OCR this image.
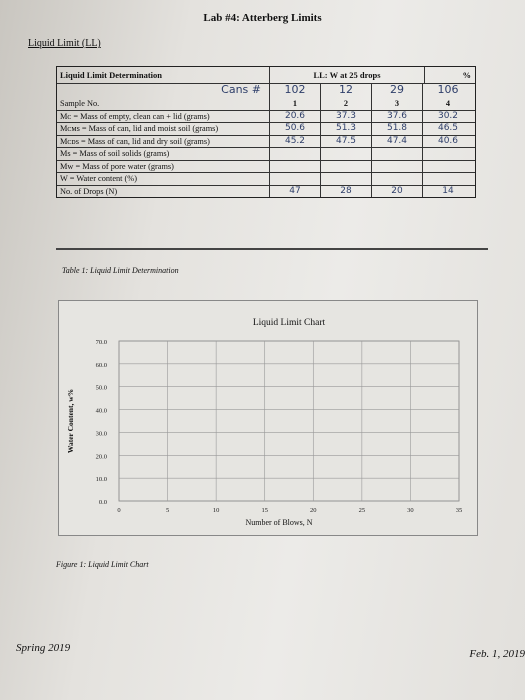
Lab #4: Atterberg Limits
Liquid Limit (LL)
Liquid Limit Determination	LL: W at 25 drops	%
Cans #	102	12	29	106
Sample No.	1	2	3	4
Mᴄ = Mass of empty, clean can + lid (grams)	20.6	37.3	37.6	30.2
Mᴄᴍѕ = Mass of can, lid and moist soil (grams)	50.6	51.3	51.8	46.5
Mᴄᴅѕ = Mass of can, lid and dry soil (grams)	45.2	47.5	47.4	40.6
Mѕ = Mass of soil solids (grams)
Mᴡ = Mass of pore water (grams)
W = Water content (%)
No. of Drops (N)	47	28	20	14
Table 1: Liquid Limit Determination
0.0
10.0
20.0
30.0
40.0
50.0
60.0
70.0
0	5	10	15	20	25	30	35
Liquid Limit Chart
Number of Blows, N
Water Content, w%
Figure 1: Liquid Limit Chart
Spring 2019	Feb. 1, 2019
